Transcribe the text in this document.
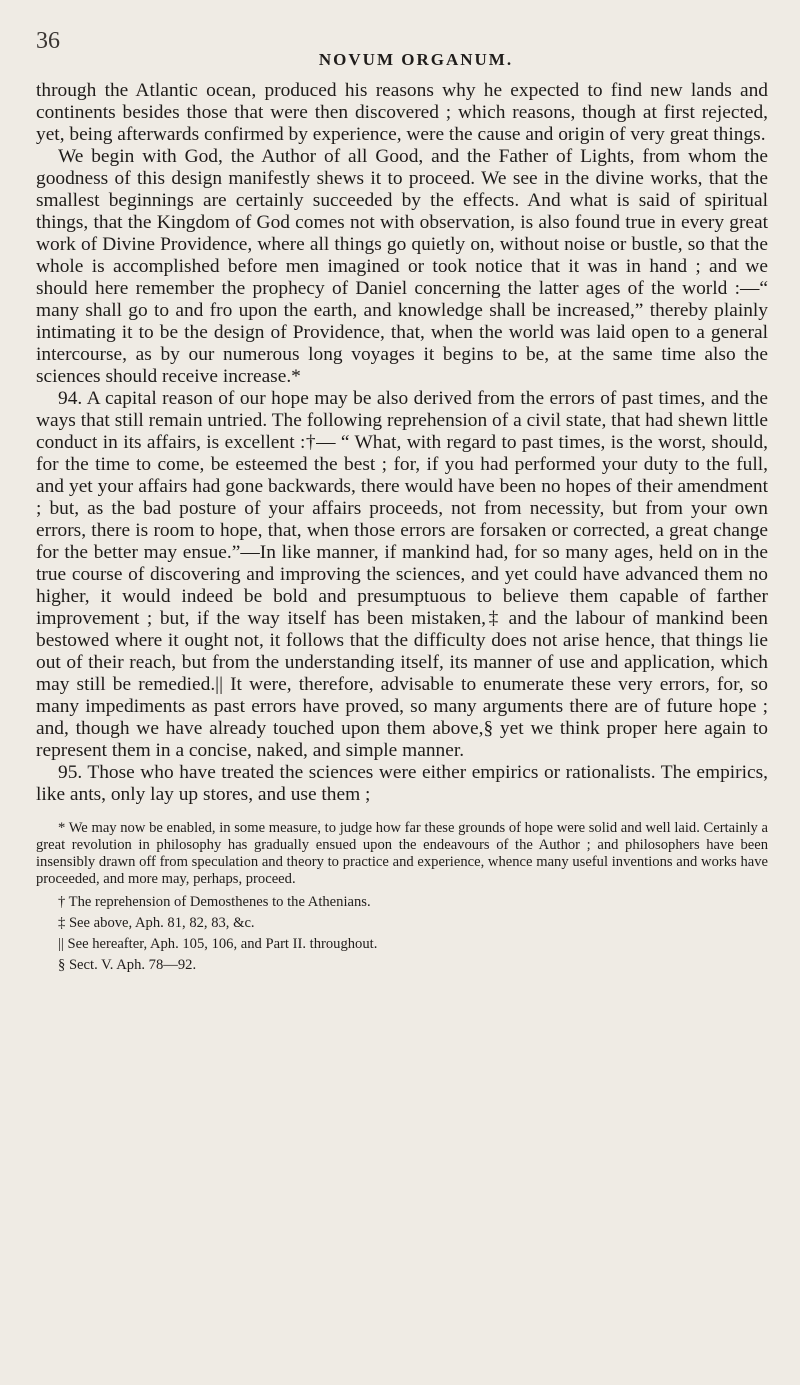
36
NOVUM ORGANUM.

through the Atlantic ocean, produced his reasons why he expected to find new lands and continents besides those that were then discovered ; which reasons, though at first rejected, yet, being afterwards confirmed by experience, were the cause and origin of very great things.

We begin with God, the Author of all Good, and the Father of Lights, from whom the goodness of this design manifestly shews it to proceed. We see in the divine works, that the smallest beginnings are certainly succeeded by the effects. And what is said of spiritual things, that the Kingdom of God comes not with observation, is also found true in every great work of Divine Providence, where all things go quietly on, without noise or bustle, so that the whole is accomplished before men imagined or took notice that it was in hand ; and we should here remember the prophecy of Daniel concerning the latter ages of the world :—“ many shall go to and fro upon the earth, and knowledge shall be increased,” thereby plainly intimating it to be the design of Providence, that, when the world was laid open to a general intercourse, as by our numerous long voyages it begins to be, at the same time also the sciences should receive increase.*

94. A capital reason of our hope may be also derived from the errors of past times, and the ways that still remain untried. The following reprehension of a civil state, that had shewn little conduct in its affairs, is excellent :†— “ What, with regard to past times, is the worst, should, for the time to come, be esteemed the best ; for, if you had performed your duty to the full, and yet your affairs had gone backwards, there would have been no hopes of their amendment ; but, as the bad posture of your affairs proceeds, not from necessity, but from your own errors, there is room to hope, that, when those errors are forsaken or corrected, a great change for the better may ensue.”—In like manner, if mankind had, for so many ages, held on in the true course of discovering and improving the sciences, and yet could have advanced them no higher, it would indeed be bold and presumptuous to believe them capable of farther improvement ; but, if the way itself has been mistaken,‡ and the labour of mankind been bestowed where it ought not, it follows that the difficulty does not arise hence, that things lie out of their reach, but from the understanding itself, its manner of use and application, which may still be remedied.|| It were, therefore, advisable to enumerate these very errors, for, so many impediments as past errors have proved, so many arguments there are of future hope ; and, though we have already touched upon them above,§ yet we think proper here again to represent them in a concise, naked, and simple manner.

95. Those who have treated the sciences were either empirics or rationalists. The empirics, like ants, only lay up stores, and use them ;

* We may now be enabled, in some measure, to judge how far these grounds of hope were solid and well laid. Certainly a great revolution in philosophy has gradually ensued upon the endeavours of the Author ; and philosophers have been insensibly drawn off from speculation and theory to practice and experience, whence many useful inventions and works have proceeded, and more may, perhaps, proceed.

† The reprehension of Demosthenes to the Athenians.

‡ See above, Aph. 81, 82, 83, &c.

|| See hereafter, Aph. 105, 106, and Part II. throughout.

§ Sect. V. Aph. 78—92.
